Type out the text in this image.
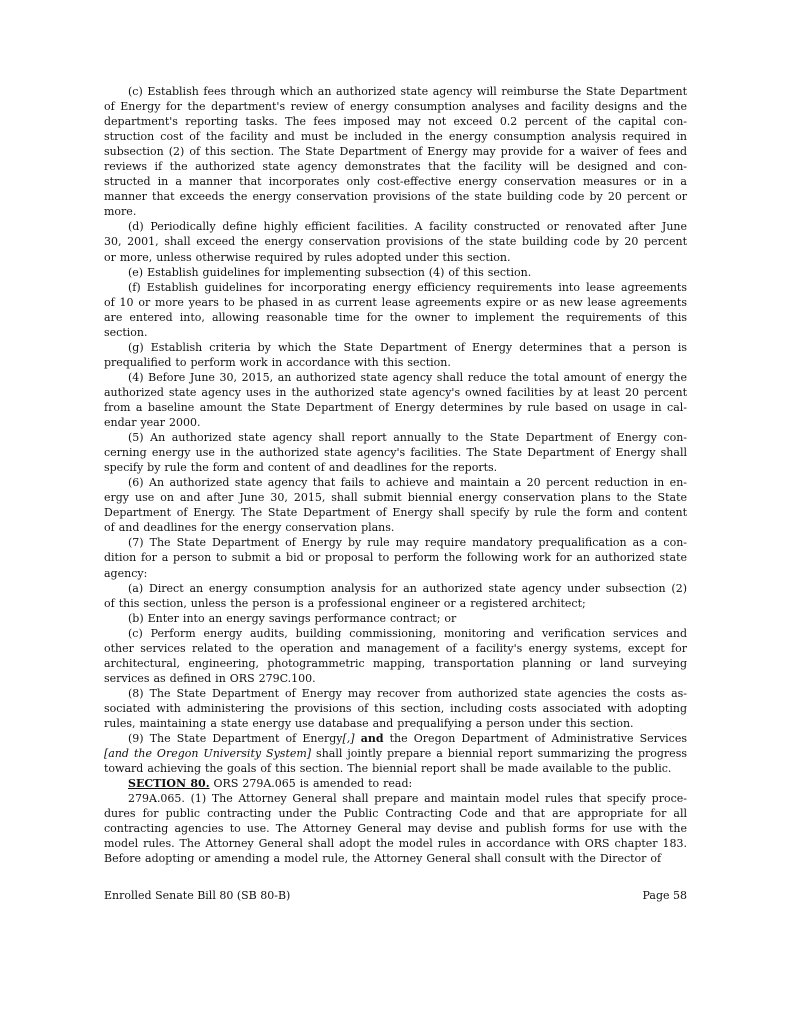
(c) Establish fees through which an authorized state agency will reimburse the State Department
of Energy for the department's review of energy consumption analyses and facility designs and the
department's reporting tasks. The fees imposed may not exceed 0.2 percent of the capital con-
struction cost of the facility and must be included in the energy consumption analysis required in
subsection (2) of this section. The State Department of Energy may provide for a waiver of fees and
reviews if the authorized state agency demonstrates that the facility will be designed and con-
structed in a manner that incorporates only cost-effective energy conservation measures or in a
manner that exceeds the energy conservation provisions of the state building code by 20 percent or
more.
(d) Periodically define highly efficient facilities. A facility constructed or renovated after June
30, 2001, shall exceed the energy conservation provisions of the state building code by 20 percent
or more, unless otherwise required by rules adopted under this section.
(e) Establish guidelines for implementing subsection (4) of this section.
(f) Establish guidelines for incorporating energy efficiency requirements into lease agreements
of 10 or more years to be phased in as current lease agreements expire or as new lease agreements
are entered into, allowing reasonable time for the owner to implement the requirements of this
section.
(g) Establish criteria by which the State Department of Energy determines that a person is
prequalified to perform work in accordance with this section.
(4) Before June 30, 2015, an authorized state agency shall reduce the total amount of energy the
authorized state agency uses in the authorized state agency's owned facilities by at least 20 percent
from a baseline amount the State Department of Energy determines by rule based on usage in cal-
endar year 2000.
(5) An authorized state agency shall report annually to the State Department of Energy con-
cerning energy use in the authorized state agency's facilities. The State Department of Energy shall
specify by rule the form and content of and deadlines for the reports.
(6) An authorized state agency that fails to achieve and maintain a 20 percent reduction in en-
ergy use on and after June 30, 2015, shall submit biennial energy conservation plans to the State
Department of Energy. The State Department of Energy shall specify by rule the form and content
of and deadlines for the energy conservation plans.
(7) The State Department of Energy by rule may require mandatory prequalification as a con-
dition for a person to submit a bid or proposal to perform the following work for an authorized state
agency:
(a) Direct an energy consumption analysis for an authorized state agency under subsection (2)
of this section, unless the person is a professional engineer or a registered architect;
(b) Enter into an energy savings performance contract; or
(c) Perform energy audits, building commissioning, monitoring and verification services and
other services related to the operation and management of a facility's energy systems, except for
architectural, engineering, photogrammetric mapping, transportation planning or land surveying
services as defined in ORS 279C.100.
(8) The State Department of Energy may recover from authorized state agencies the costs as-
sociated with administering the provisions of this section, including costs associated with adopting
rules, maintaining a state energy use database and prequalifying a person under this section.
(9) The State Department of Energy[,] and the Oregon Department of Administrative Services
[and the Oregon University System] shall jointly prepare a biennial report summarizing the progress
toward achieving the goals of this section. The biennial report shall be made available to the public.
SECTION 80. ORS 279A.065 is amended to read:
279A.065. (1) The Attorney General shall prepare and maintain model rules that specify proce-
dures for public contracting under the Public Contracting Code and that are appropriate for all
contracting agencies to use. The Attorney General may devise and publish forms for use with the
model rules. The Attorney General shall adopt the model rules in accordance with ORS chapter 183.
Before adopting or amending a model rule, the Attorney General shall consult with the Director of
Enrolled Senate Bill 80 (SB 80-B)	Page 58
